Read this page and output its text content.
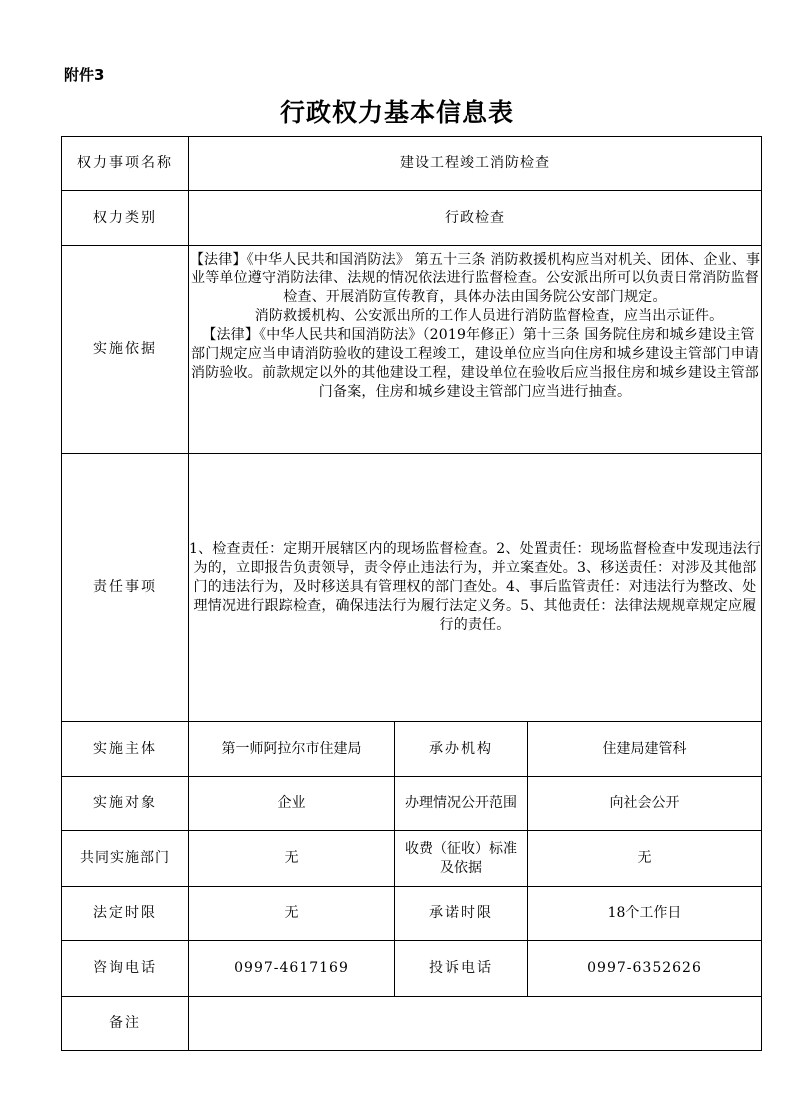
附件3
行政权力基本信息表
权力事项名称	建设工程竣工消防检查		
权力类别	行政检查		
实施依据	【法律】《中华人民共和国消防法》 第五十三条 消防救援机构应当对机关、团体、企业、事业等单位遵守消防法律、法规的情况依法进行监督检查。公安派出所可以负责日常消防监督检查、开展消防宣传教育，具体办法由国务院公安部门规定。

消防救援机构、公安派出所的工作人员进行消防监督检查，应当出示证件。

【法律】《中华人民共和国消防法》（2019年修正）第十三条 国务院住房和城乡建设主管部门规定应当申请消防验收的建设工程竣工，建设单位应当向住房和城乡建设主管部门申请消防验收。前款规定以外的其他建设工程，建设单位在验收后应当报住房和城乡建设主管部门备案，住房和城乡建设主管部门应当进行抽查。		

责任事项	1、检查责任：定期开展辖区内的现场监督检查。2、处置责任：现场监督检查中发现违法行为的，立即报告负责领导，责令停止违法行为，并立案查处。3、移送责任：对涉及其他部门的违法行为，及时移送具有管理权的部门查处。4、事后监管责任：对违法行为整改、处理情况进行跟踪检查，确保违法行为履行法定义务。5、其他责任：法律法规规章规定应履行的责任。		
实施主体	第一师阿拉尔市住建局	承办机构	住建局建管科
实施对象	企业	办理情况公开范围	向社会公开
共同实施部门	无	收费（征收）标准及依据	无
法定时限	无	承诺时限	18个工作日
咨询电话	0997-4617169	投诉电话	0997-6352626
备注			
